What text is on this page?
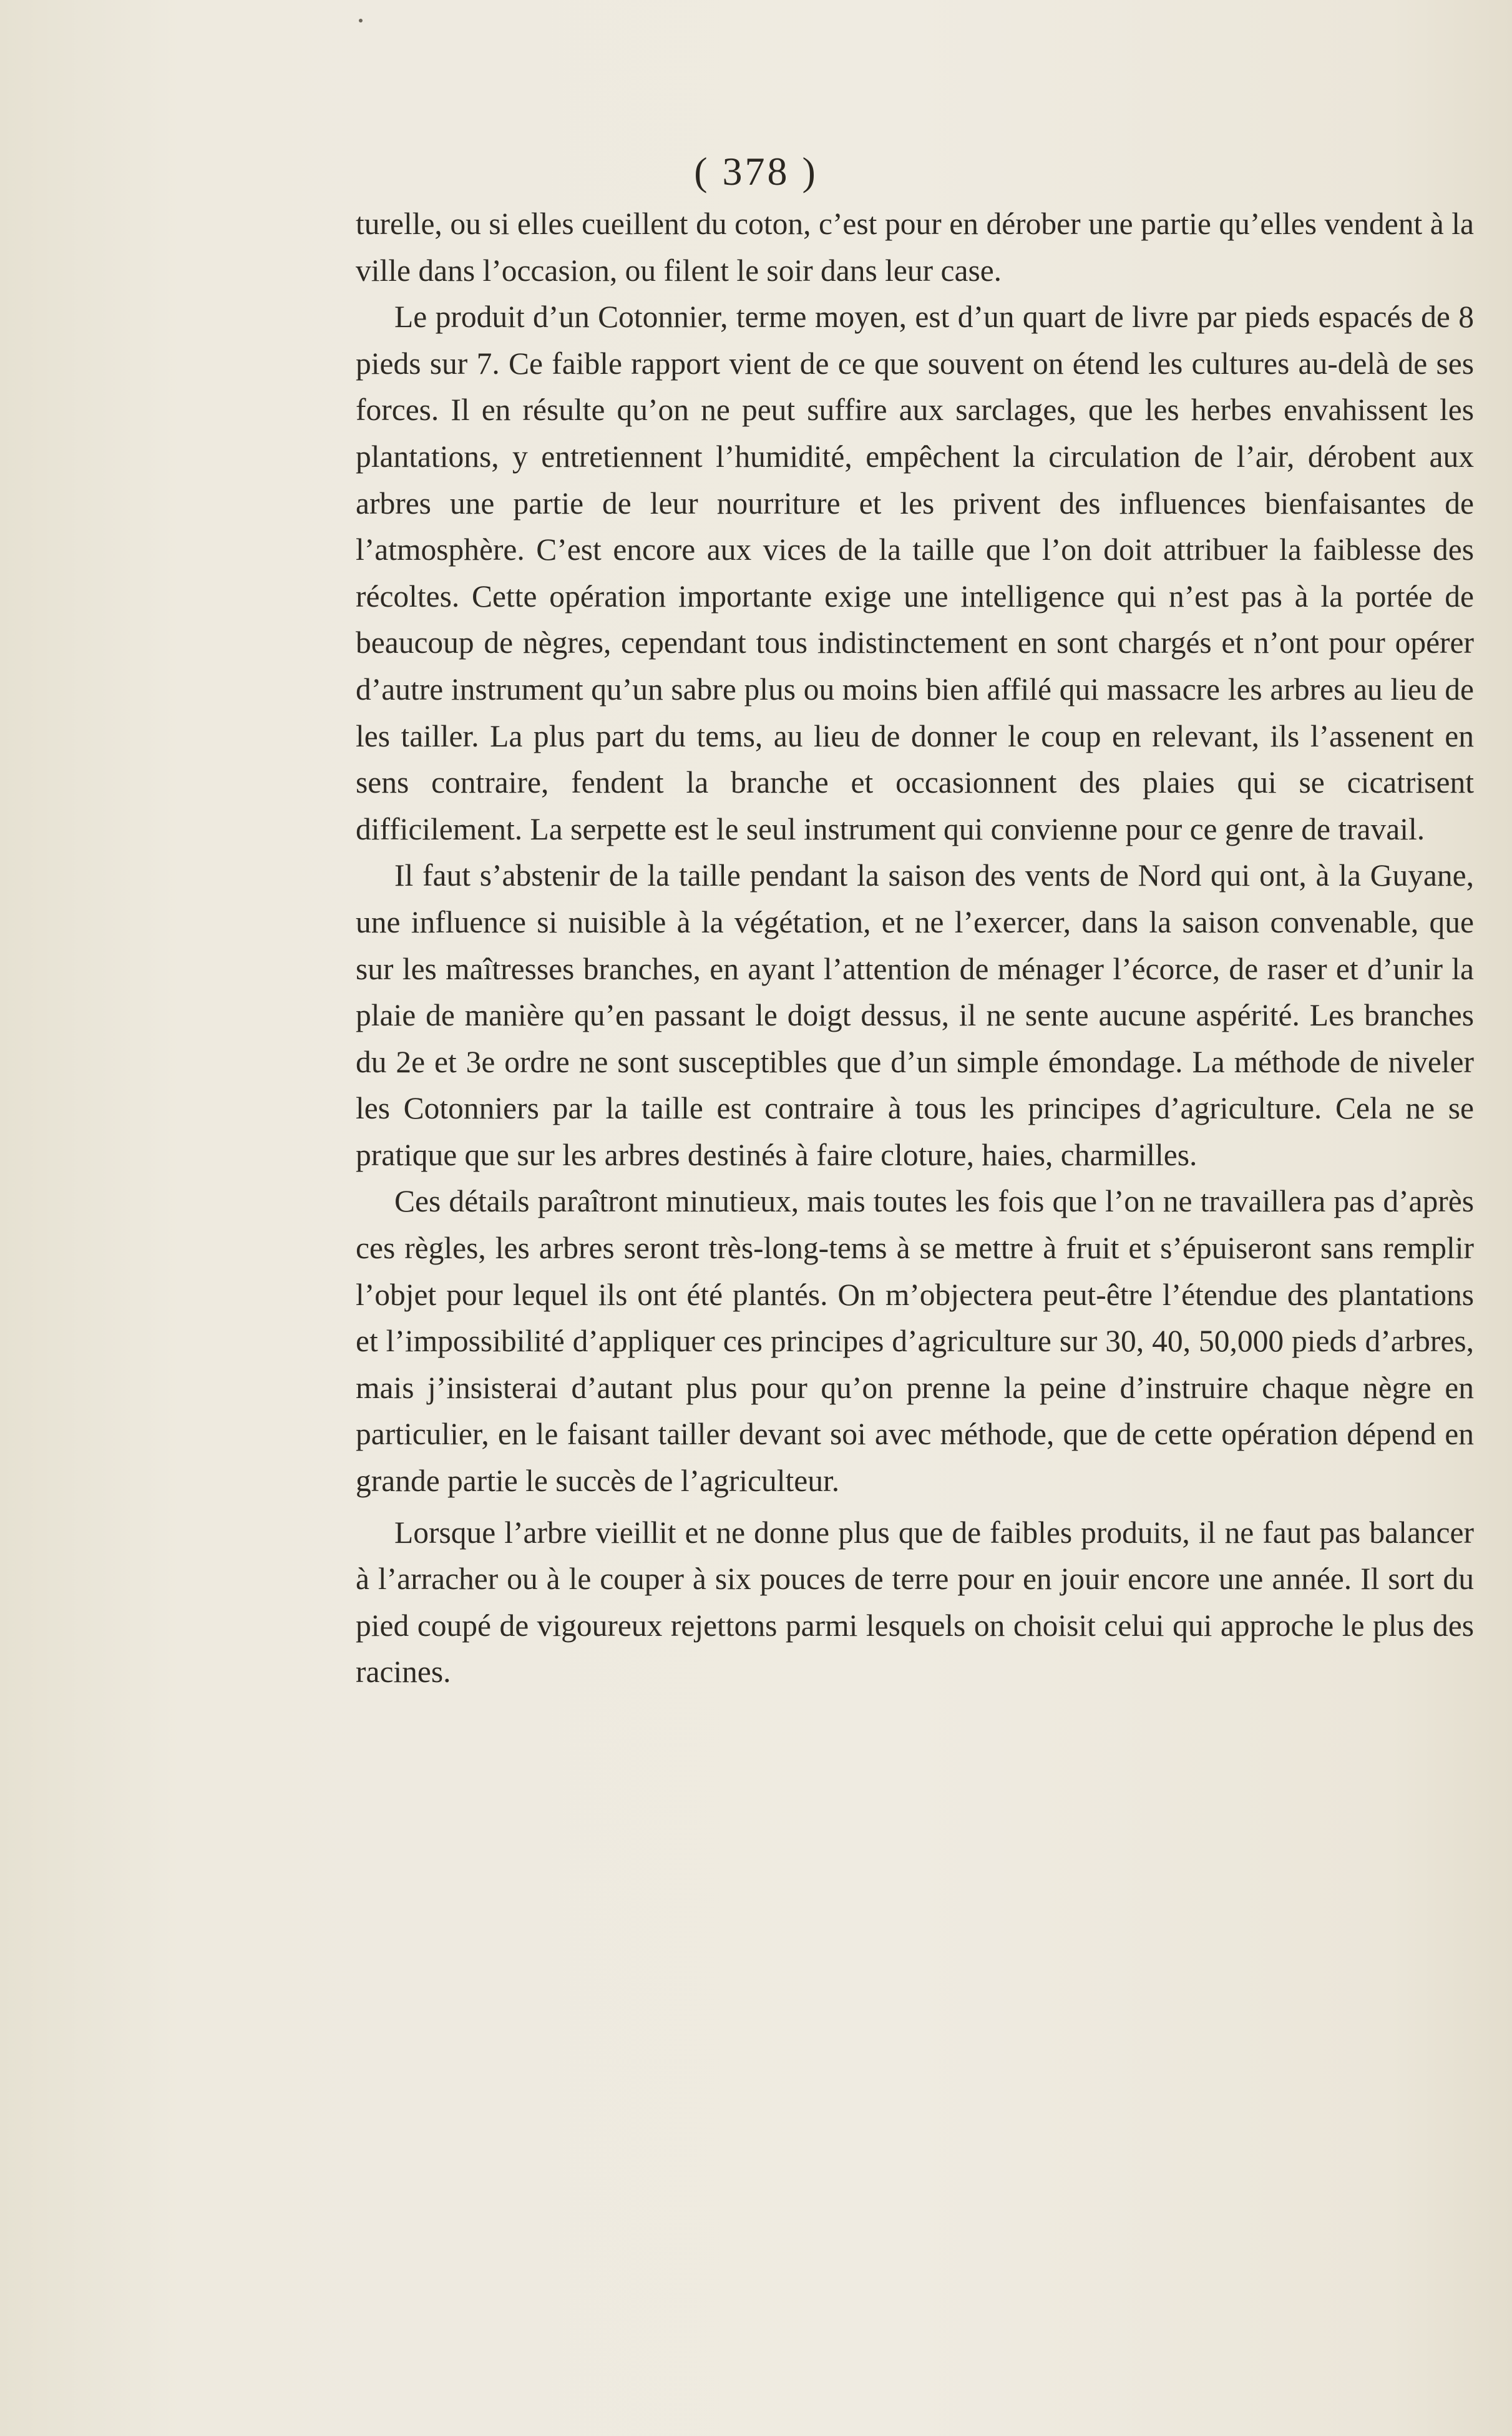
( 378 )

turelle, ou si elles cueillent du coton, c’est pour en dérober une partie qu’elles vendent à la ville dans l’occasion, ou filent le soir dans leur case.

Le produit d’un Cotonnier, terme moyen, est d’un quart de livre par pieds espacés de 8 pieds sur 7. Ce faible rapport vient de ce que souvent on étend les cultures au-delà de ses forces. Il en résulte qu’on ne peut suffire aux sarclages, que les herbes envahissent les plantations, y entretiennent l’humidité, empêchent la circulation de l’air, dérobent aux arbres une partie de leur nourriture et les privent des influences bienfaisantes de l’atmosphère. C’est encore aux vices de la taille que l’on doit attribuer la faiblesse des récoltes. Cette opération importante exige une intelligence qui n’est pas à la portée de beaucoup de nègres, cependant tous indistinctement en sont chargés et n’ont pour opérer d’autre instrument qu’un sabre plus ou moins bien affilé qui massacre les arbres au lieu de les tailler. La plus part du tems, au lieu de donner le coup en relevant, ils l’assenent en sens contraire, fendent la branche et occasionnent des plaies qui se cicatrisent difficilement. La serpette est le seul instrument qui convienne pour ce genre de travail.

Il faut s’abstenir de la taille pendant la saison des vents de Nord qui ont, à la Guyane, une influence si nuisible à la végétation, et ne l’exercer, dans la saison convenable, que sur les maîtresses branches, en ayant l’attention de ménager l’écorce, de raser et d’unir la plaie de manière qu’en passant le doigt dessus, il ne sente aucune aspérité. Les branches du 2e et 3e ordre ne sont susceptibles que d’un simple émondage. La méthode de niveler les Cotonniers par la taille est contraire à tous les principes d’agriculture. Cela ne se pratique que sur les arbres destinés à faire cloture, haies, charmilles.

Ces détails paraîtront minutieux, mais toutes les fois que l’on ne travaillera pas d’après ces règles, les arbres seront très-long-tems à se mettre à fruit et s’épuiseront sans remplir l’objet pour lequel ils ont été plantés. On m’objectera peut-être l’étendue des plantations et l’impossibilité d’appliquer ces principes d’agriculture sur 30, 40, 50,000 pieds d’arbres, mais j’insisterai d’autant plus pour qu’on prenne la peine d’instruire chaque nègre en particulier, en le faisant tailler devant soi avec méthode, que de cette opération dépend en grande partie le succès de l’agriculteur.

Lorsque l’arbre vieillit et ne donne plus que de faibles produits, il ne faut pas balancer à l’arracher ou à le couper à six pouces de terre pour en jouir encore une année. Il sort du pied coupé de vigoureux rejettons parmi lesquels on choisit celui qui approche le plus des racines.
